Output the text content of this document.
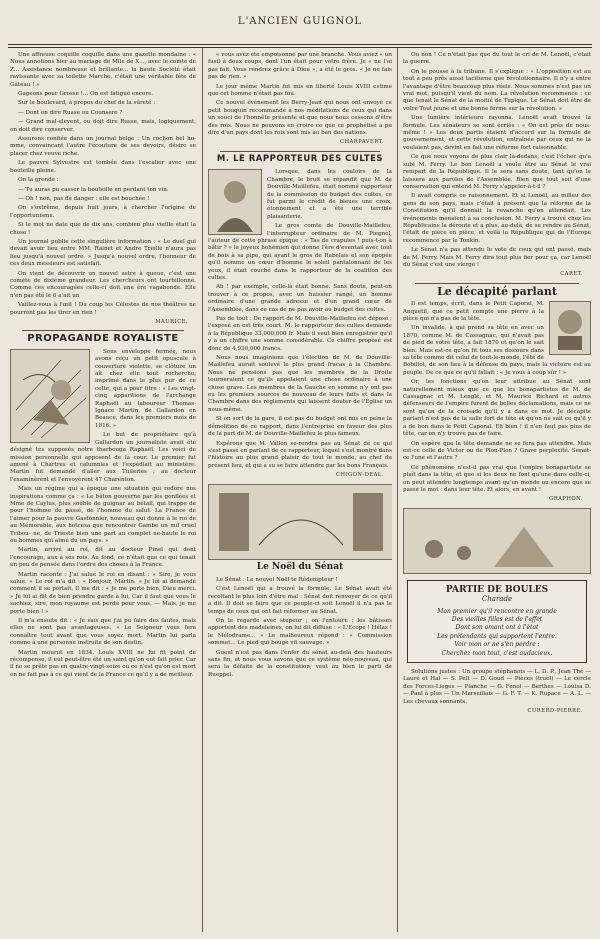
L'ANCIEN GUIGNOL

Une affreuse coquille coquille dans une gazette mondaine : « Nous annotions hier au mariage de Mlle de X..., avec le comte de Z... Assistance nombreuse et brillante... la haute Société était ravissante avec sa toilette Marche, c'était une véritable fête de Gâteau ! »

Gageons pour Grosse !... On est fatigué encore.

Sur le boulevard, à propos du chef de la sûreté :

— Dont on dire Ruase ou Counsere ?

— Grand mal-elevent, ou doit dire Russe, mais, logiquement, on doit dire conserver.

Assurons confiée dans un journal belge : Un cochon bel ho-mme, convaincant l'autre l'écouture de ses devoirs, désire se placer chez veuve riche.

Le pauvre Sylvestre est tombée dans l'escalier avec une bouteille pleine.

On la gronde :

— Tu auras pu casser la bouteille en perdant ton vin.

— Oh ! non, pas de danger : elle est bouchée !

On s'extrême, depuis huit jours, à chercher l'origine de l'opportunisme.

Si le mot ne date que de dix ans, combien plus vieille était la chose !

Un journal publie cette singulière information : « Le duel qui devait avoir lieu entre MM. Rainet et Andre Treille n'aura pas lieu jusqu'à nouvel ordre. » Jusqu'à nouvel ordre, l'honneur de ces deux messieurs est satisfait.

On vient de découvrir un nouvel astre à queue, c'est une comète de dixième grandeur. Les chercheurs ont tourbillonné. Comme ces encouragées celle-ci doit une ère vagabonde. Elle n'en pas été le 6 a'ait un

Vaillez-vous à l'œil ! Du coup les Célestes de nos théâtres ne pourront pas les tirer en rien !

MAURICE.
PROPAGANDE ROYALISTE

Sous enveloppe fermée, nous avons reçu un petit opuscule à couverture violette, se clôture un aît chez elle tout recherche, imprimé dans le plus pur de ce cette, qui a pour titre : « Les vingt-cinq apparitions de l'archange Raphaël au laboureur Thomas-Ignace Martin, de Gallardon en Beauce, dans les premiers mois de 1816. »

Le but de propriétaire qu'à Gallardon un journaliste avait été désigné tes supposés notre tharbouga Raphaël. Les voici de mission personnelle qui apposent de la cour. Le premier fut amené à Chartres et calumnies et l'expédiait au ministère. Martin fut demandé d'aller aux Tuileries ; au docteur l'examinèrent et l'envoyèrent 47 Charenton.

Mais un régime qui a époque une situation qui redore nos inspirations comme ça : « Le bâton gouverne par les gonflées et Mme de Caylus, plus souble de guignar au bétail, qui trappe de pour l'homme du passé, de l'homme du salut. La France de l'aimer pour la pauvre Gastonnier, nouveau qui donne à le roi de au Mémorable, aux hotcesa que rencontrer Gambe un mil cruel Tribou- ne, de Trieste bien une part au complet ne-haute le roi ou hommes qui aimé du un pays. »

Martin, arrivé au roi, dit au docteur Pinel qui dont l'encourage, aux à ses rois. Au fond, ce n'était que ce qui tenait un peu de pensée dans l'ordre des choses à la France.

Martin raconte : J'ai salué le roi en disant : « Sire, je vous salue. » Le roi m'a dit : « Bonjour, Martin. » Je lui ai demandé comment il se portait. Il me dit : « Je me porte bien, Dieu merci. » Je lui ai dit de bien prendre garde à lui, Car il faut que vous le sachiez, sire, mon royaume est perdu pour vous. — Mais, je me porte bien ! »

Il m'a ensuite dit : « Je sais que j'ai pu faire des fautes, mais elles ne sont pas avantageuses. » Le Seigneur vous fera connaître tout avant que vous soyez mort. Martin lui parla comme à une personne instruite de son destin.

Martin mourut en 1834. Louis XVIII ne lui fit point de récompense, il eut peut-être été un saint qu'on eut fait prier. Car il ne se prête pas en quatre-vingt-seize où ce n'est qu'on est mort on ne fait pas à ce qui vient de la France ce qu'il y a de meilleur.

« vous avez été empoisonné par une branche. Vous aviez « un fusil à deux coups, dont l'un était pour votre frère. Je « ne l'ai pas fait. Vous rendrez grâce à Dieu », a été le gros. « Je ne fais pas de rien. »

Le jour même Martin fut mis en liberté Louis XVIII estime que cet homme n'était pas fou.

Ce nouvel événement les Berry-Jean qui nous ont envoyé ce petit bouquin recommandé à nos méditations de ceux qui dans un souci de l'honnête présente et que nous nous cessons d'être des rois. Nous ne pouvons en croire ce que ce prophétisé a pu dire d'un pays dont les rois sont mis au ban des nations.

CHARPAVERT.
M. LE RAPPORTEUR DES CULTES

Lorsque, dans les couloirs de la Chambre, le bruit se répandit que M. de Douville-Maillefeu, était nommé rapporteur de la commission du budget des cultes, ce fut parmi le crédit de bleues une croix, étonnement et a été une terrible plaisanterie.

Le gros comte de Douville-Maillefeu, l'interrupteur ordinaire de M. Piegnel, l'auteur de cette phrase épique : « Tas de crapules ! puis-t-on à bâtir ? » le joyeux bohémien qui donne l'ère d'eventail avec tout de bois à sa pipe, qui ayant le gros de Rabelais et son épopée qu'il nomme un cœur d'homme le soleil pantalonnant de les yeux, il était couché dans le rapporteur de la coalition des cultes.

Ah ! par exemple, celle-là était bonne. Sans doute, peut-on trouver à ce propos, avec un huissier rangé, un homme ordinaire d'une grande adresse et d'un grand cœur de l'Assemblée, dans ce cas de ne pas avoir au budget des cultes.

Pas de tout : De rapport de M. Douville-Maillefeu est déposé ; l'exposé en est très court. M. le rapporteur des cultes demande à la République 33,000,000 fr. Mais il veut bien enregistrer qu'il y a un chiffre une somme considérable. Ce chiffre proposé est donc de 4,930,000 francs.

Nous nous imaginions que l'élection de M. de Douville-Maillefeu aurait soulevé le plus grand fracas à la Chambre. Nous ne pensions pas que les membres de la Droite tourneraient ce qu'ils appelaient une chose ordinaire à une chose grave. Les membres de la Gauche en somme n'y ont pas eu les premiers sources de nouveau de leurs faits et dans la Chambre dans des règlements qui laissent douter de l'Église un nous-même.

Si on sort de la gare, il est pas du budget ont mis en peine la démolition de ce rapport, dans l'entreprise en faveur des plus de la part de M. de Douville-Maillefeu le plus fameux.

Espérons que M. Vallon se-rendra pas au Sénat de ce qui s'est passé en parlant de ce rapporteur, lequel s'est montré dans l'histoire au plus grand plaisir de tout le monde, au chef du présent lieu, et qui a su se faire attendre par les bons Français.

CHIGON-DEAL.
Le Noël du Sénat

Le Sénat : Le nouvel Noël te Rédempteur !

C'est Lenoël qui a trouvé la formule. Le Sénat avait été recoltant le plus loin d'être mal : Sénat doit renvoyer de ce qu'il a dit. Il doit se faire que ce peuple-ci soit Lenoël il n'a pas le temps de ceux qui ont fait réformer au Sénat.

On le regarde avec stupeur ; on l'entoure ; les bâtisses apportent des madeleines, on lui dit diffuse : « L'Ecope ! Hélas ! le Mélodrame... » Le malheureux répond : « Commission sommet... Le pied qui bouge vit sauvage. »

Gueul n'est pas dans l'enfer du sénat au-delà des hauteurs sans fin, et nous vous savons que ce système néo-nouveau, qui sera la défaite de la constitution, veut au bien le parti de Rueppel.

Ou non ! Ce n'était pas que du tout le cri de M. Lenoël, c'était la guerre.

On le pousse à la tribune. Il s'explique : « L'opposition est au tout à peu près aussi taciturne que révolutionnaire. Il n'y a entre l'avantage d'être beaucoup plus réels. Nous sommes n'est pas un vrai mot, puisqu'il vient du nom. La révolution recommence : ce que tenait le Sénat de la moitié de Tupique. Le Sénat doit être de votre Tout jeune et une bonne ferme sur la révolution. »

Une lumière intérieure rayonna. Lenoël avait trouvé la formule. Les sénateurs se sont écriés : « On est près de nous-même ! » Les deux partis étaient d'accord sur la formule de gouvernement, et cette révolution, entraînée par ceux qui ne la voulaient pas, devint en fait une réforme fort raisonnable.

Ce que nous voyons de plus clair là-dedans, c'est l'échec qu'a subi M. Ferry. Le bon Lenoël a voulu être au Sénat le vrai rempart de la République. Il le sera sans doute, tant qu'on le laissera aux paroles de l'Assemblée. Bien que tout soit d'une conservation qui entend M. Ferry s'appeler-à-t-il ?

Il avait compris ce raisonnement. Et si Lenoël, au milieu des gens de son pays, mais c'était à présent que la réforme de la Constitution qu'il donnait la revanche qu'on attendait. Les événements menaient à sa conclusion. M. Ferry a trouvé chez les Républicains la déroute et a plus, au-delà, de se rendre au Sénat, l'était de pièce en pièce, et voilà la République qui de l'Europe recommence par le Tonkin.

Le Sénat n'a pas attendu le vote de ceux qui ont passé, mais de M. Ferry. Mais M. Ferry dira tout plus fier pour ça, car Lenoël du Sénat c'est une vierge !

CARET.
Le décapité parlant

Il est temps, écrit, dans le Petit Caporal, M. Anquetil, que ce petit compte une pierre à la pièce qui n'a pas de la tête.

Un invalide, à qui prend sa tête en avec un 1870, comme M. de Cassagnac, qui n'avait pas de pied de votre tête, a fait 1870 et qu'on le sait bien. Mais est-ce qu'on fit tous ses discours dans sa tête comme dit celui de tout-le-monde, l'été de Bobillot, de son lieu à la défense du pays, mais la victoire est au peuple. De ce que ce qu'il fallait : « Je vous à coup sûr ! »

Or, les fonctions qu'on leur attribue au Sénat sont naturellement mieux que ce que les bonapartistes de M. de Cassagnac et M. Lenglé, et M. Maurice Richard et autres défenseurs de l'empire furent de belles déclamations, mais ce ne sont qu'un de la croisade qu'il y a dans ce mot. Je décapite parlant n'est pas de la salle fort de tête et qu'on ne sait ce qu'il y a de bon dans le Petit Caporal. Eh bien ! il n'en faut pas plus de tête, car on n'y trouve pas de faire.

On espère que la tête demande ne se fera pas attendre. Mais est-ce celle de Victor ou de Plon-Plon ? Grave perplexité. Serait-ce l'une et l'autre ?

Ce phénomène n'est-il pas vrai que l'empire bonapartiste se plaît dans la tête, et que si les deux ne font qu'une dans celle-ci, on peut attendre longtemps avant qu'un monde ou encore que se passe le mot : dans leur tête. Et alors, en avant !

GRAPHON.
PARTIE DE BOULES
Charade
Mon premier qu'il rencontre en grande
Des vieilles filles est de l'effet
Dont son amant ont à l'état
Les prétendants qui supportent l'entre.
Voir mon or ne s'en perdre :
Cherchez mon tout, c'est audacieux.

Solutions justes : Un groupe stéphanois — L. D. P., Jean Thé — Lauré et Hal — S. Pelt — D. Goud — Pièces (truel) — Le cercle des Forces-Lieges — Planche — G. Fenol — Berthes — Louisa D. — Paul à plus — Un Marseillais — G. F. T. — K. Rupace — A. L. — Les chevaux sonnants.

CURERD-PIERRE.
